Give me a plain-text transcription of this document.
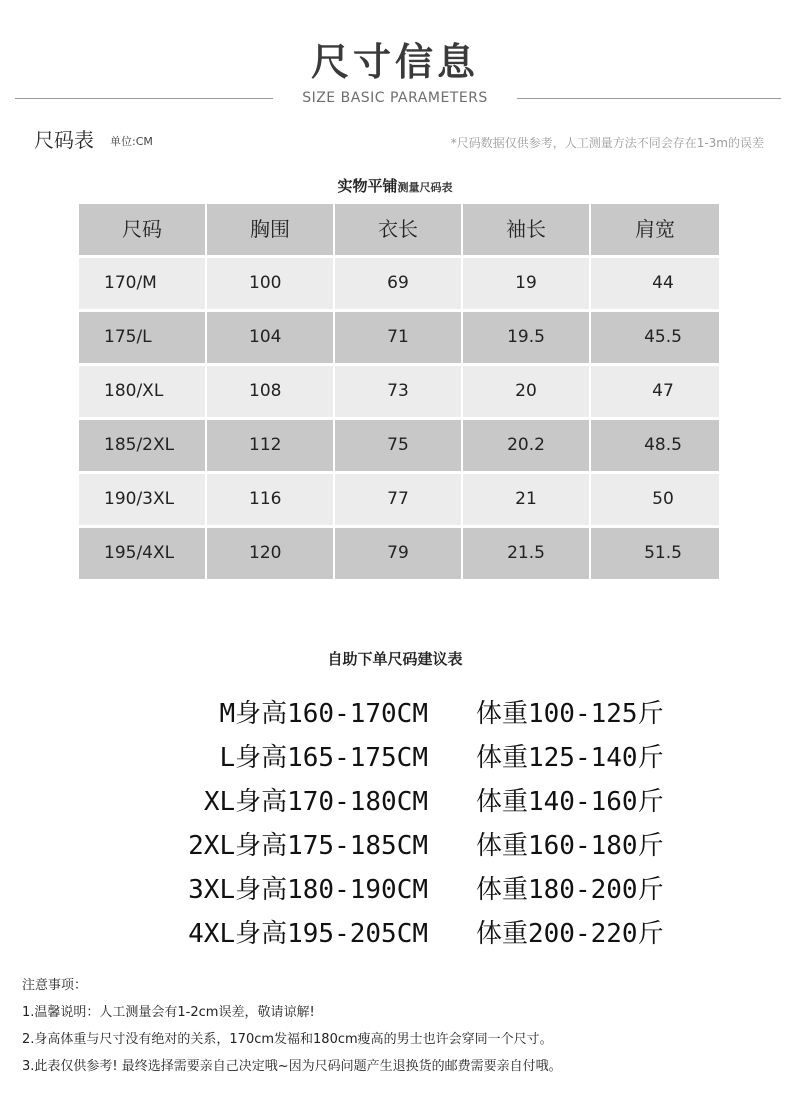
尺寸信息
SIZE BASIC PARAMETERS
尺码表 单位:CM	*尺码数据仅供参考，人工测量方法不同会存在1-3m的误差
实物平铺测量尺码表
尺码	胸围	衣长	袖长	肩宽
170/M	100	69	19	44
175/L	104	71	19.5	45.5
180/XL	108	73	20	47
185/2XL	112	75	20.2	48.5
190/3XL	116	77	21	50
195/4XL	120	79	21.5	51.5
自助下单尺码建议表
M身高160-170CM 体重100-125斤
L身高165-175CM 体重125-140斤
XL身高170-180CM 体重140-160斤
2XL身高175-185CM 体重160-180斤
3XL身高180-190CM 体重180-200斤
4XL身高195-205CM 体重200-220斤
注意事项：
1.温馨说明：人工测量会有1-2cm误差，敬请谅解!
2.身高体重与尺寸没有绝对的关系，170cm发福和180cm瘦高的男士也许会穿同一个尺寸。
3.此表仅供参考! 最终选择需要亲自己决定哦~因为尺码问题产生退换货的邮费需要亲自付哦。
